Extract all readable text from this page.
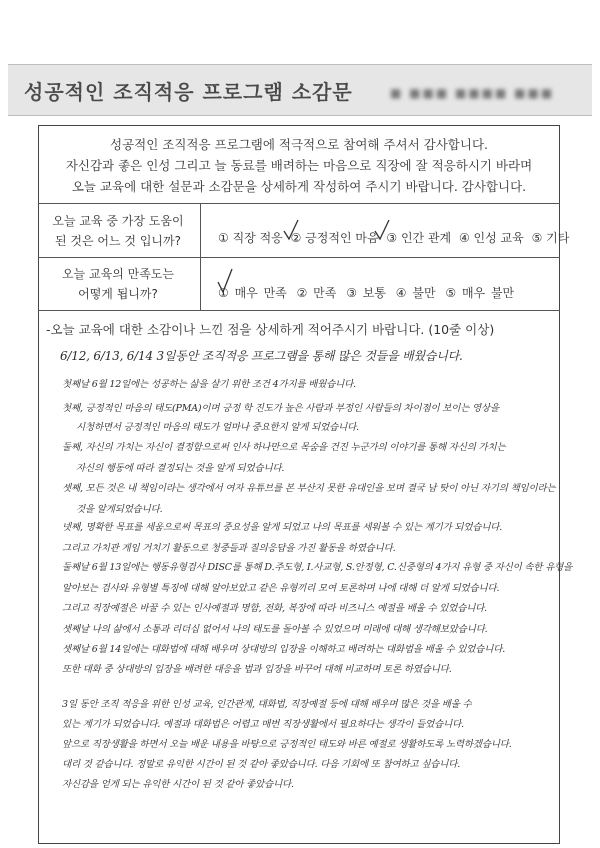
성공적인 조직적응 프로그램 소감문	■ ■■■ ■■■■ ■■■
성공적인 조직적응 프로그램에 적극적으로 참여해 주셔서 감사합니다.
자신감과 좋은 인성 그리고 늘 동료를 배려하는 마음으로 직장에 잘 적응하시기 바라며
오늘 교육에 대한 설문과 소감문을 상세하게 작성하여 주시기 바랍니다. 감사합니다.
오늘 교육 중 가장 도움이
된 것은 어느 것 입니까?	① 직장 적응 ② 긍정적인 마음 ③ 인간 관계 ④ 인성 교육 ⑤ 기타
오늘 교육의 만족도는
어떻게 됩니까?	① 매우 만족 ② 만족 ③ 보통 ④ 불만 ⑤ 매우 불만
-오늘 교육에 대한 소감이나 느낀 점을 상세하게 적어주시기 바랍니다. (10줄 이상)
6/12, 6/13, 6/14 3일동안 조직적응 프로그램을 통해 많은 것들을 배웠습니다.
첫째날 6월 12일에는 성공하는 삶을 살기 위한 조건 4가지를 배웠습니다.
첫째, 긍정적인 마음의 태도(PMA)이며 긍정 학 진도가 높은 사람과 부정인 사람들의 차이점이 보이는 영상을
시청하면서 긍정적인 마음의 태도가 얼마나 중요한지 알게 되었습니다.
둘째, 자신의 가치는 자신이 결정함으로써 인사 하나만으로 목숨을 건진 누군가의 이야기를 통해 자신의 가치는
자신의 행동에 따라 결정되는 것을 알게 되었습니다.
셋째, 모든 것은 내 책임이라는 생각에서 여자 유튜브를 본 부산지 못한 유대인을 보며 결국 남 탓이 아닌 자기의 책임이라는
것을 알게되었습니다.
넷째, 명확한 목표를 세움으로써 목표의 중요성을 알게 되었고 나의 목표를 세워볼 수 있는 계기가 되었습니다.
그리고 가치관 게임 거치기 활동으로 청중들과 질의응답을 가진 활동을 하였습니다.
둘째날 6월 13일에는 행동유형검사 DISC를 통해 D.주도형, I.사교형, S.안정형, C.신중형의 4가지 유형 중 자신이 속한 유형을
알아보는 검사와 유형별 특징에 대해 알아보았고 같은 유형끼리 모여 토론하며 나에 대해 더 알게 되었습니다.
그리고 직장예절은 바꿀 수 있는 인사예절과 명함, 전화, 복장에 따라 비즈니스 예절을 배울 수 있었습니다.
셋째날 나의 삶에서 소통과 리더십 없어서 나의 태도를 돌아볼 수 있었으며 미래에 대해 생각해보았습니다.
셋째날 6월 14일에는 대화법에 대해 배우며 상대방의 입장을 이해하고 배려하는 대화법을 배울 수 있었습니다.
또한 대화 중 상대방의 입장을 배려한 대응을 법과 입장을 바꾸어 대해 비교하며 토론 하였습니다.
3일 동안 조직 적응을 위한 인성 교육, 인간관계, 대화법, 직장예절 등에 대해 배우며 많은 것을 배울 수
있는 계기가 되었습니다. 예절과 대화법은 어렵고 매번 직장생활에서 필요하다는 생각이 들었습니다.
앞으로 직장생활을 하면서 오늘 배운 내용을 바탕으로 긍정적인 태도와 바른 예절로 생활하도록 노력하겠습니다.
대리 것 같습니다. 정말로 유익한 시간이 된 것 같아 좋았습니다. 다음 기회에 또 참여하고 싶습니다.
자신감을 얻게 되는 유익한 시간이 된 것 같아 좋았습니다.
